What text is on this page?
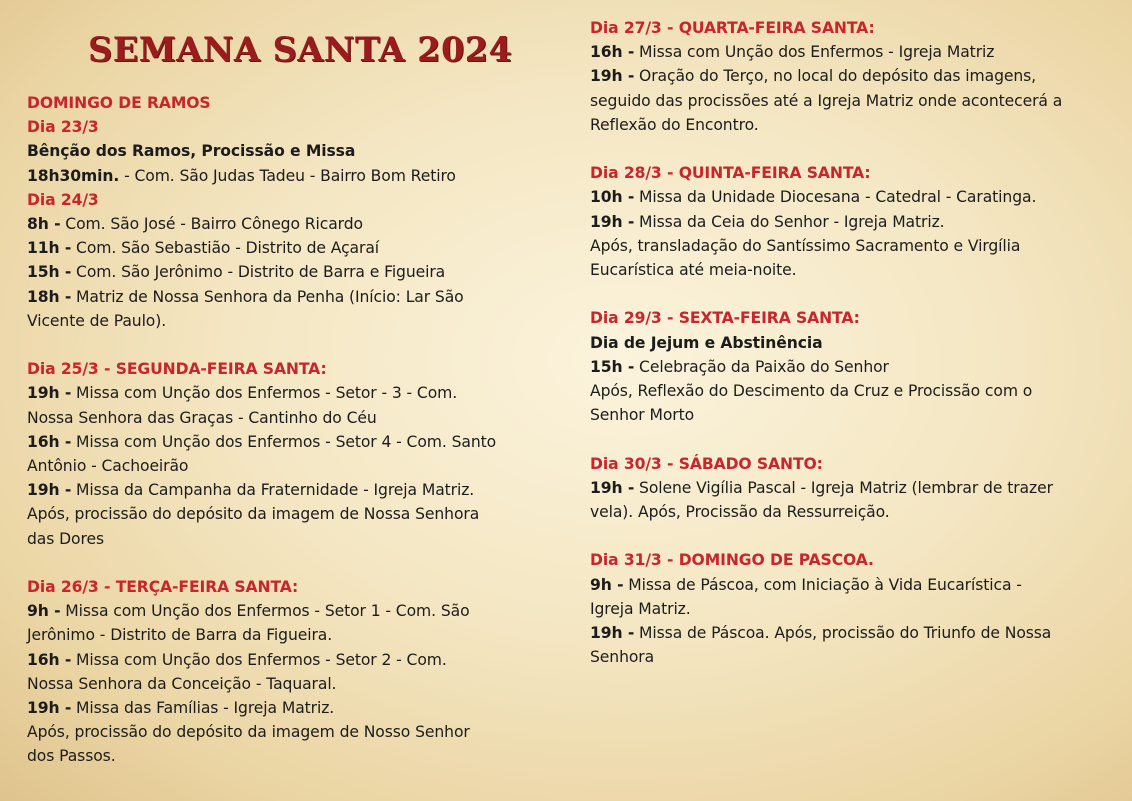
SEMANA SANTA 2024
DOMINGO DE RAMOS
Dia 23/3
Bênção dos Ramos, Procissão e Missa
18h30min. - Com. São Judas Tadeu - Bairro Bom Retiro
Dia 24/3
8h - Com. São José - Bairro Cônego Ricardo
11h - Com. São Sebastião - Distrito de Açaraí
15h - Com. São Jerônimo - Distrito de Barra e Figueira
18h - Matriz de Nossa Senhora da Penha (Início: Lar São
Vicente de Paulo).
Dia 25/3 - SEGUNDA-FEIRA SANTA:
19h - Missa com Unção dos Enfermos - Setor - 3 - Com.
Nossa Senhora das Graças - Cantinho do Céu
16h - Missa com Unção dos Enfermos - Setor 4 - Com. Santo
Antônio - Cachoeirão
19h - Missa da Campanha da Fraternidade - Igreja Matriz.
Após, procissão do depósito da imagem de Nossa Senhora
das Dores
Dia 26/3 - TERÇA-FEIRA SANTA:
9h - Missa com Unção dos Enfermos - Setor 1 - Com. São
Jerônimo - Distrito de Barra da Figueira.
16h - Missa com Unção dos Enfermos - Setor 2 - Com.
Nossa Senhora da Conceição - Taquaral.
19h - Missa das Famílias - Igreja Matriz.
Após, procissão do depósito da imagem de Nosso Senhor
dos Passos.
Dia 27/3 - QUARTA-FEIRA SANTA:
16h - Missa com Unção dos Enfermos - Igreja Matriz
19h - Oração do Terço, no local do depósito das imagens,
seguido das procissões até a Igreja Matriz onde acontecerá a
Reflexão do Encontro.
Dia 28/3 - QUINTA-FEIRA SANTA:
10h - Missa da Unidade Diocesana - Catedral - Caratinga.
19h - Missa da Ceia do Senhor - Igreja Matriz.
Após, transladação do Santíssimo Sacramento e Virgília
Eucarística até meia-noite.
Dia 29/3 - SEXTA-FEIRA SANTA:
Dia de Jejum e Abstinência
15h - Celebração da Paixão do Senhor
Após, Reflexão do Descimento da Cruz e Procissão com o
Senhor Morto
Dia 30/3 - SÁBADO SANTO:
19h - Solene Vigília Pascal - Igreja Matriz (lembrar de trazer
vela). Após, Procissão da Ressurreição.
Dia 31/3 - DOMINGO DE PASCOA.
9h - Missa de Páscoa, com Iniciação à Vida Eucarística -
Igreja Matriz.
19h - Missa de Páscoa. Após, procissão do Triunfo de Nossa
Senhora
